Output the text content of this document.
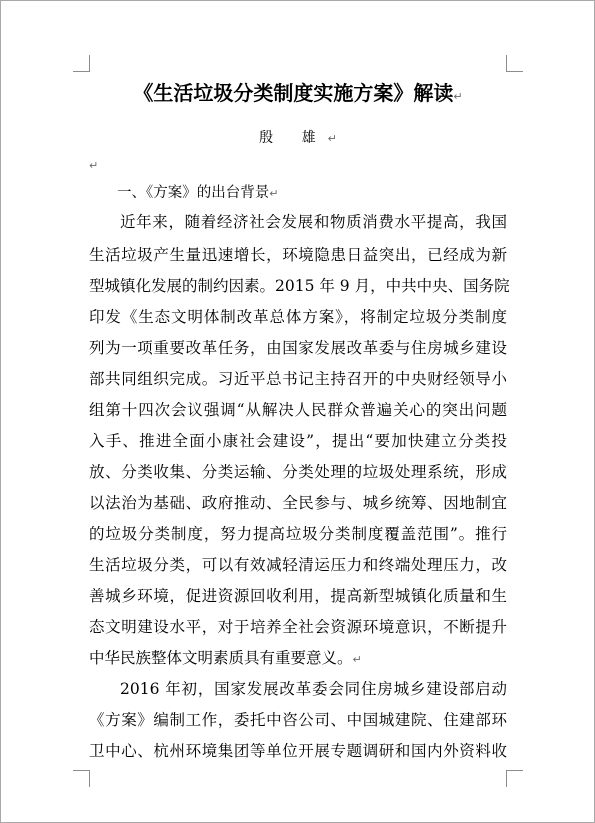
《生活垃圾分类制度实施方案》解读↵
殷 雄↵
↵
一、《方案》的出台背景↵
近年来，随着经济社会发展和物质消费水平提高，我国
生活垃圾产生量迅速增长，环境隐患日益突出，已经成为新
型城镇化发展的制约因素。2015 年 9 月，中共中央、国务院
印发《生态文明体制改革总体方案》，将制定垃圾分类制度
列为一项重要改革任务，由国家发展改革委与住房城乡建设
部共同组织完成。习近平总书记主持召开的中央财经领导小
组第十四次会议强调“从解决人民群众普遍关心的突出问题
入手、推进全面小康社会建设”，提出“要加快建立分类投
放、分类收集、分类运输、分类处理的垃圾处理系统，形成
以法治为基础、政府推动、全民参与、城乡统筹、因地制宜
的垃圾分类制度，努力提高垃圾分类制度覆盖范围”。推行
生活垃圾分类，可以有效减轻清运压力和终端处理压力，改
善城乡环境，促进资源回收利用，提高新型城镇化质量和生
态文明建设水平，对于培养全社会资源环境意识，不断提升
中华民族整体文明素质具有重要意义。↵
2016 年初，国家发展改革委会同住房城乡建设部启动
《方案》编制工作，委托中咨公司、中国城建院、住建部环
卫中心、杭州环境集团等单位开展专题调研和国内外资料收
